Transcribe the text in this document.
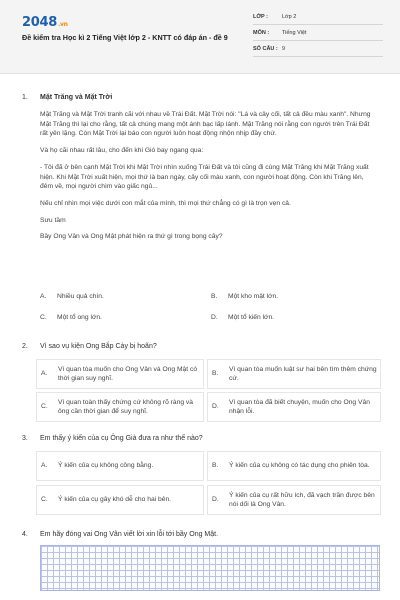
2048.vn
Đề kiểm tra Học kì 2 Tiếng Việt lớp 2 - KNTT có đáp án - đề 9
LỚP :	Lớp 2
MÔN :	Tiếng Việt
SỐ CÂU : 9
1. Mặt Trăng và Mặt Trời

Mặt Trăng và Mặt Trời tranh cãi với nhau về Trái Đất. Mặt Trời nói: "Lá và cây cối, tất cả đều màu xanh". Nhưng Mặt Trăng thì lại cho rằng, tất cả chúng mang một ánh bạc lấp lánh. Mặt Trăng nói rằng con người trên Trái Đất rất yên lặng. Còn Mặt Trời lại báo con người luôn hoạt động nhộn nhịp đầy chứ.

Và họ cãi nhau rất lâu, cho đến khi Gió bay ngang qua:

- Tôi đã ở bên cạnh Mặt Trời khi Mặt Trời nhìn xuống Trái Đất và tôi cũng đi cùng Mặt Trăng khi Mặt Trăng xuất hiện. Khi Mặt Trời xuất hiện, mọi thứ là ban ngày, cây cối màu xanh, con người hoạt động. Còn khi Trăng lên, đêm về, mọi người chìm vào giấc ngủ...

Nếu chỉ nhìn mọi việc dưới con mắt của mình, thì mọi thứ chẳng có gì là trọn vẹn cả.

Sưu tầm

Bầy Ong Vân và Ong Mật phát hiện ra thứ gì trong bọng cây?

A.	Nhiều quả chín.	B.	Một kho mật lớn.
C.	Một tổ ong lớn.	D.	Một tổ kiến lớn.
2. Vì sao vụ kiện Ong Bắp Cày bị hoãn?
A.
Vì quan tòa muốn cho Ong Vân và Ong Mật có thời gian suy nghĩ.
B.
Vì quan tòa muốn luật sư hai bên tìm thêm chứng cứ.
C.
Vì quan toàn thấy chứng cứ không rõ ràng và ông cần thời gian để suy nghĩ.
D.
Vì quan tòa đã biết chuyện, muốn cho Ong Vân nhận lỗi.
3. Em thấy ý kiến của cụ Ông Già đưa ra như thế nào?
A.	Ý kiến của cụ không công bằng.	B.	Ý kiến của cụ không có tác dụng cho phiên tòa.
C.	Ý kiến của cụ gây khó dễ cho hai bên.	D.
Ý kiến của cụ rất hữu ích, đã vạch trần được bên nói dối là Ong Vân.
4. Em hãy đóng vai Ong Vân viết lời xin lỗi tới bầy Ong Mật.
